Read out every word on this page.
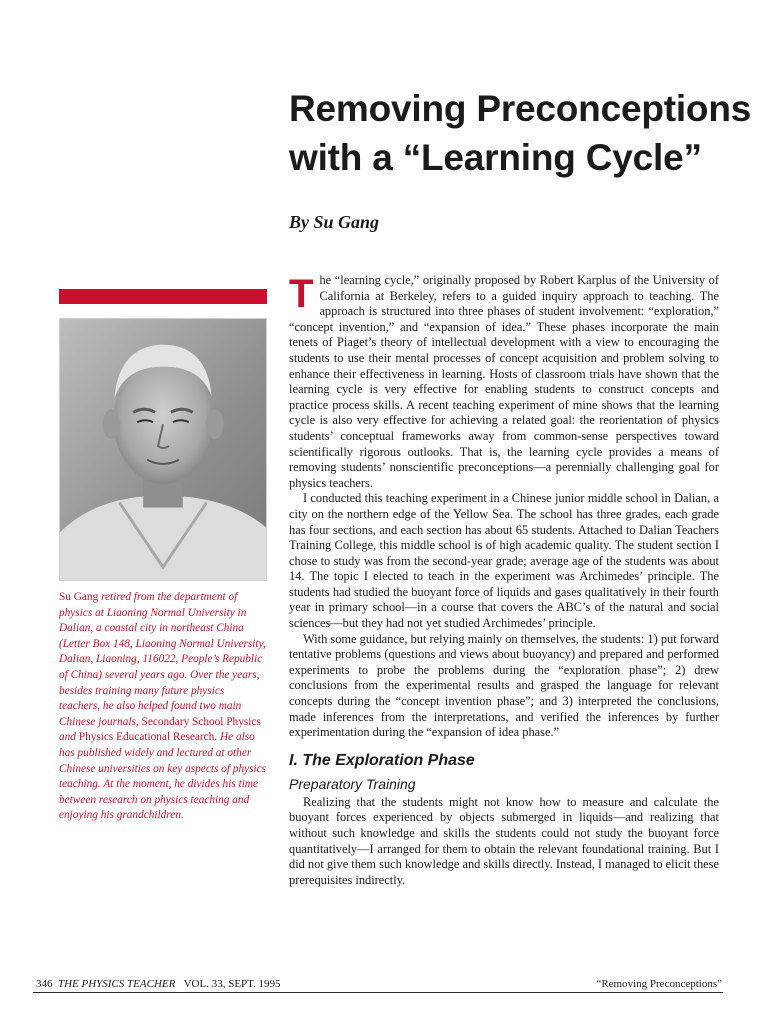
Removing Preconceptions
with a “Learning Cycle”

By Su Gang

Su Gang retired from the department of physics at Liaoning Normal University in Dalian, a coastal city in northeast China (Letter Box 148, Liaoning Normal University, Dalian, Liaoning, 116022, People’s Republic of China) several years ago. Over the years, besides training many future physics teachers, he also helped found two main Chinese journals, Secondary School Physics and Physics Educational Research. He also has published widely and lectured at other Chinese universities on key aspects of physics teaching. At the moment, he divides his time between research on physics teaching and enjoying his grandchildren.

The “learning cycle,” originally proposed by Robert Karplus of the University of California at Berkeley, refers to a guided inquiry approach to teaching. The approach is structured into three phases of student involvement: “exploration,” “concept invention,” and “expansion of idea.” These phases incorporate the main tenets of Piaget’s theory of intellectual development with a view to encouraging the students to use their mental processes of concept acquisition and problem solving to enhance their effectiveness in learning. Hosts of classroom trials have shown that the learning cycle is very effective for enabling students to construct concepts and practice process skills. A recent teaching experiment of mine shows that the learning cycle is also very effective for achieving a related goal: the reorientation of physics students’ conceptual frameworks away from common-sense perspectives toward scientifically rigorous outlooks. That is, the learning cycle provides a means of removing students’ nonscientific preconceptions—a perennially challenging goal for physics teachers.

I conducted this teaching experiment in a Chinese junior middle school in Dalian, a city on the northern edge of the Yellow Sea. The school has three grades, each grade has four sections, and each section has about 65 students. Attached to Dalian Teachers Training College, this middle school is of high academic quality. The student section I chose to study was from the second-year grade; average age of the students was about 14. The topic I elected to teach in the experiment was Archimedes’ principle. The students had studied the buoyant force of liquids and gases qualitatively in their fourth year in primary school—in a course that covers the ABC’s of the natural and social sciences—but they had not yet studied Archimedes’ principle.

With some guidance, but relying mainly on themselves, the students: 1) put forward tentative problems (questions and views about buoyancy) and prepared and performed experiments to probe the problems during the “exploration phase”; 2) drew conclusions from the experimental results and grasped the language for relevant concepts during the “concept invention phase”; and 3) interpreted the conclusions, made inferences from the interpretations, and verified the inferences by further experimentation during the “expansion of idea phase.”

I. The Exploration Phase
Preparatory Training

Realizing that the students might not know how to measure and calculate the buoyant forces experienced by objects submerged in liquids—and realizing that without such knowledge and skills the students could not study the buoyant force quantitatively—I arranged for them to obtain the relevant foundational training. But I did not give them such knowledge and skills directly. Instead, I managed to elicit these prerequisites indirectly.

346 THE PHYSICS TEACHER VOL. 33, SEPT. 1995	“Removing Preconceptions”
